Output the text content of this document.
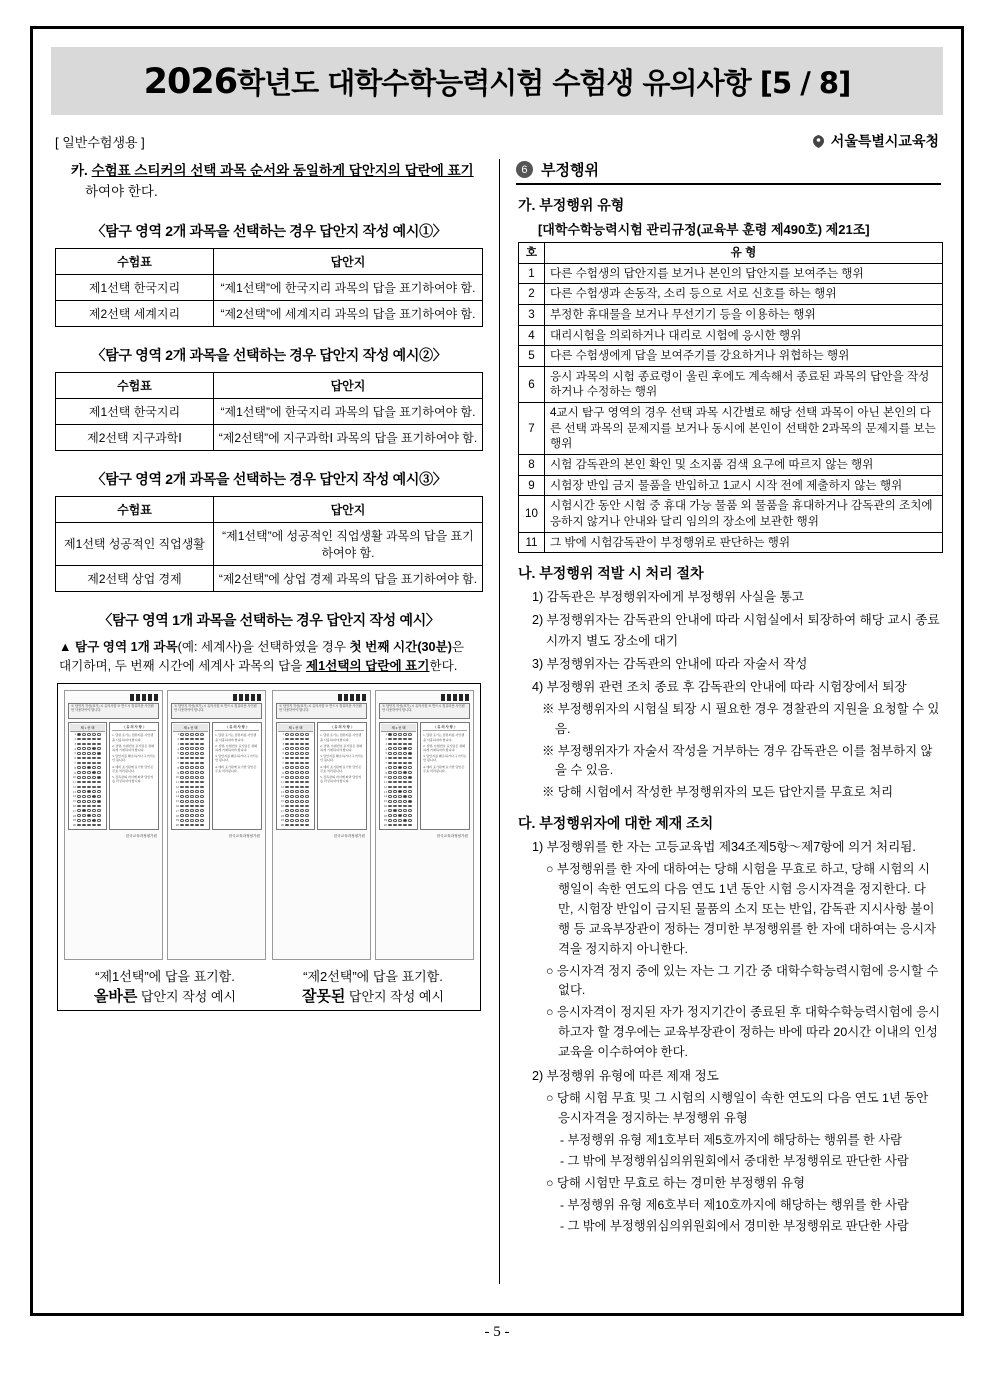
2026학년도 대학수학능력시험 수험생 유의사항 [5 / 8]
[ 일반수험생용 ]	서울특별시교육청
카. 수험표 스티커의 선택 과목 순서와 동일하게 답안지의 답란에 표기하여야 한다.
〈탐구 영역 2개 과목을 선택하는 경우 답안지 작성 예시①〉
수험표	답안지
제1선택 한국지리	“제1선택”에 한국지리 과목의 답을 표기하여야 함.
제2선택 세계지리	“제2선택”에 세계지리 과목의 답을 표기하여야 함.
〈탐구 영역 2개 과목을 선택하는 경우 답안지 작성 예시②〉
수험표	답안지
제1선택 한국지리	“제1선택”에 한국지리 과목의 답을 표기하여야 함.
제2선택 지구과학Ⅰ	“제2선택”에 지구과학Ⅰ 과목의 답을 표기하여야 함.
〈탐구 영역 2개 과목을 선택하는 경우 답안지 작성 예시③〉
수험표	답안지
제1선택 성공적인 직업생활	“제1선택”에 성공적인 직업생활 과목의 답을 표기하여야 함.
제2선택 상업 경제	“제2선택”에 상업 경제 과목의 답을 표기하여야 함.
〈탐구 영역 1개 과목을 선택하는 경우 답안지 작성 예시〉
▲ 탐구 영역 1개 과목(예: 세계사)을 선택하였을 경우 첫 번째 시간(30분)은 대기하며, 두 번째 시간에 세계사 과목의 답을 제1선택의 답란에 표기한다.
※ 답안지 작성(표기) 시 유의사항 ※ 반드시 컴퓨터용 사인펜만 사용하여야 합니다.
제 1 선 택
1
2
3
4
5
6
7
8
9
10
11
12
13
14
15
16
17
18
19
20
〈 유 의 사 항 〉

1. 답란 표기는 컴퓨터용 사인펜을 사용하여야 합니다.

2. 성명, 수험번호 표기란은 정확하게 기재하여야 합니다.

3. 답안지를 훼손하거나 구겨서는 안 됩니다.

4. 예비 표기란에 표기한 답안은 무효 처리됩니다.

5. 감독관의 지시에 따라 답안지를 작성하여야 합니다.

한국교육과정평가원
※ 답안지 작성(표기) 시 유의사항 ※ 반드시 컴퓨터용 사인펜만 사용하여야 합니다.
제 2 선 택
1
2
3
4
5
6
7
8
9
10
11
12
13
14
15
16
17
18
19
20
〈 유 의 사 항 〉

1. 답란 표기는 컴퓨터용 사인펜을 사용하여야 합니다.

2. 성명, 수험번호 표기란은 정확하게 기재하여야 합니다.

3. 답안지를 훼손하거나 구겨서는 안 됩니다.

4. 예비 표기란에 표기한 답안은 무효 처리됩니다.

한국교육과정평가원
“제1선택”에 답을 표기함.
올바른 답안지 작성 예시
※ 답안지 작성(표기) 시 유의사항 ※ 반드시 컴퓨터용 사인펜만 사용하여야 합니다.
제 1 선 택
1
2
3
4
5
6
7
8
9
10
11
12
13
14
15
16
17
18
19
20
〈 유 의 사 항 〉

1. 답란 표기는 컴퓨터용 사인펜을 사용하여야 합니다.

2. 성명, 수험번호 표기란은 정확하게 기재하여야 합니다.

3. 답안지를 훼손하거나 구겨서는 안 됩니다.

4. 예비 표기란에 표기한 답안은 무효 처리됩니다.

5. 감독관의 지시에 따라 답안지를 작성하여야 합니다.

한국교육과정평가원
※ 답안지 작성(표기) 시 유의사항 ※ 반드시 컴퓨터용 사인펜만 사용하여야 합니다.
제 2 선 택
1
2
3
4
5
6
7
8
9
10
11
12
13
14
15
16
17
18
19
20
〈 유 의 사 항 〉

1. 답란 표기는 컴퓨터용 사인펜을 사용하여야 합니다.

2. 성명, 수험번호 표기란은 정확하게 기재하여야 합니다.

3. 답안지를 훼손하거나 구겨서는 안 됩니다.

4. 예비 표기란에 표기한 답안은 무효 처리됩니다.

한국교육과정평가원
“제2선택”에 답을 표기함.
잘못된 답안지 작성 예시
6 부정행위
가. 부정행위 유형
[대학수학능력시험 관리규정(교육부 훈령 제490호) 제21조]
호	유 형
1	다른 수험생의 답안지를 보거나 본인의 답안지를 보여주는 행위
2	다른 수험생과 손동작, 소리 등으로 서로 신호를 하는 행위
3	부정한 휴대물을 보거나 무선기기 등을 이용하는 행위
4	대리시험을 의뢰하거나 대리로 시험에 응시한 행위
5	다른 수험생에게 답을 보여주기를 강요하거나 위협하는 행위
6	응시 과목의 시험 종료령이 울린 후에도 계속해서 종료된 과목의 답안을 작성하거나 수정하는 행위
7	4교시 탐구 영역의 경우 선택 과목 시간별로 해당 선택 과목이 아닌 본인의 다른 선택 과목의 문제지를 보거나 동시에 본인이 선택한 2과목의 문제지를 보는 행위
8	시험 감독관의 본인 확인 및 소지품 검색 요구에 따르지 않는 행위
9	시험장 반입 금지 물품을 반입하고 1교시 시작 전에 제출하지 않는 행위
10	시험시간 동안 시험 중 휴대 가능 물품 외 물품을 휴대하거나 감독관의 조치에 응하지 않거나 안내와 달리 임의의 장소에 보관한 행위
11	그 밖에 시험감독관이 부정행위로 판단하는 행위
나. 부정행위 적발 시 처리 절차
1) 감독관은 부정행위자에게 부정행위 사실을 통고
2) 부정행위자는 감독관의 안내에 따라 시험실에서 퇴장하여 해당 교시 종료 시까지 별도 장소에 대기
3) 부정행위자는 감독관의 안내에 따라 자술서 작성
4) 부정행위 관련 조치 종료 후 감독관의 안내에 따라 시험장에서 퇴장
※ 부정행위자의 시험실 퇴장 시 필요한 경우 경찰관의 지원을 요청할 수 있음.
※ 부정행위자가 자술서 작성을 거부하는 경우 감독관은 이를 첨부하지 않을 수 있음.
※ 당해 시험에서 작성한 부정행위자의 모든 답안지를 무효로 처리
다. 부정행위자에 대한 제재 조치
1) 부정행위를 한 자는 고등교육법 제34조제5항～제7항에 의거 처리됨.
○ 부정행위를 한 자에 대하여는 당해 시험을 무효로 하고, 당해 시험의 시행일이 속한 연도의 다음 연도 1년 동안 시험 응시자격을 정지한다. 다만, 시험장 반입이 금지된 물품의 소지 또는 반입, 감독관 지시사항 불이행 등 교육부장관이 정하는 경미한 부정행위를 한 자에 대하여는 응시자격을 정지하지 아니한다.
○ 응시자격 정지 중에 있는 자는 그 기간 중 대학수학능력시험에 응시할 수 없다.
○ 응시자격이 정지된 자가 정지기간이 종료된 후 대학수학능력시험에 응시하고자 할 경우에는 교육부장관이 정하는 바에 따라 20시간 이내의 인성교육을 이수하여야 한다.
2) 부정행위 유형에 따른 제재 정도
○ 당해 시험 무효 및 그 시험의 시행일이 속한 연도의 다음 연도 1년 동안 응시자격을 정지하는 부정행위 유형
- 부정행위 유형 제1호부터 제5호까지에 해당하는 행위를 한 사람
- 그 밖에 부정행위심의위원회에서 중대한 부정행위로 판단한 사람
○ 당해 시험만 무효로 하는 경미한 부정행위 유형
- 부정행위 유형 제6호부터 제10호까지에 해당하는 행위를 한 사람
- 그 밖에 부정행위심의위원회에서 경미한 부정행위로 판단한 사람
- 5 -
